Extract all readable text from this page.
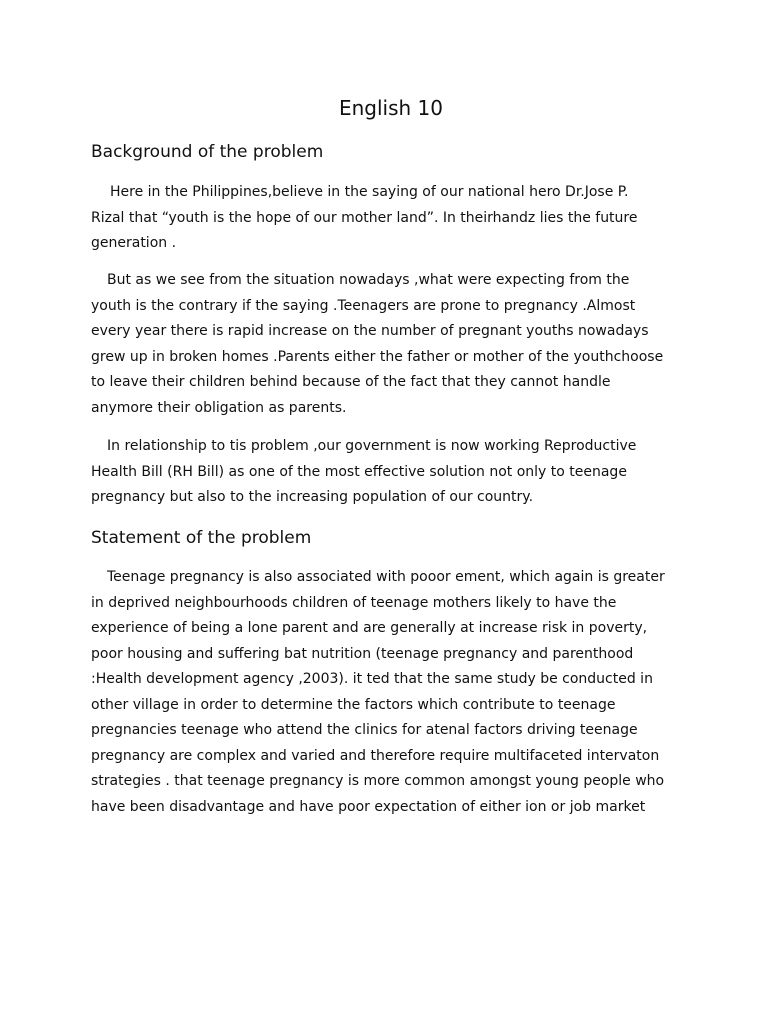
English 10
Background of the problem

Here in the Philippines,believe in the saying of our national hero Dr.Jose P.
Rizal that “youth is the hope of our mother land”. In theirhandz lies the future
generation .

But as we see from the situation nowadays ,what were expecting from the
youth is the contrary if the saying .Teenagers are prone to pregnancy .Almost
every year there is rapid increase on the number of pregnant youths nowadays
grew up in broken homes .Parents either the father or mother of the youthchoose
to leave their children behind because of the fact that they cannot handle
anymore their obligation as parents.

In relationship to tis problem ,our government is now working Reproductive
Health Bill (RH Bill) as one of the most effective solution not only to teenage
pregnancy but also to the increasing population of our country.

Statement of the problem

Teenage pregnancy is also associated with pooor ement, which again is greater
in deprived neighbourhoods children of teenage mothers likely to have the
experience of being a lone parent and are generally at increase risk in poverty,
poor housing and suffering bat nutrition (teenage pregnancy and parenthood
:Health development agency ,2003). it ted that the same study be conducted in
other village in order to determine the factors which contribute to teenage
pregnancies teenage who attend the clinics for atenal factors driving teenage
pregnancy are complex and varied and therefore require multifaceted intervaton
strategies . that teenage pregnancy is more common amongst young people who
have been disadvantage and have poor expectation of either ion or job market
